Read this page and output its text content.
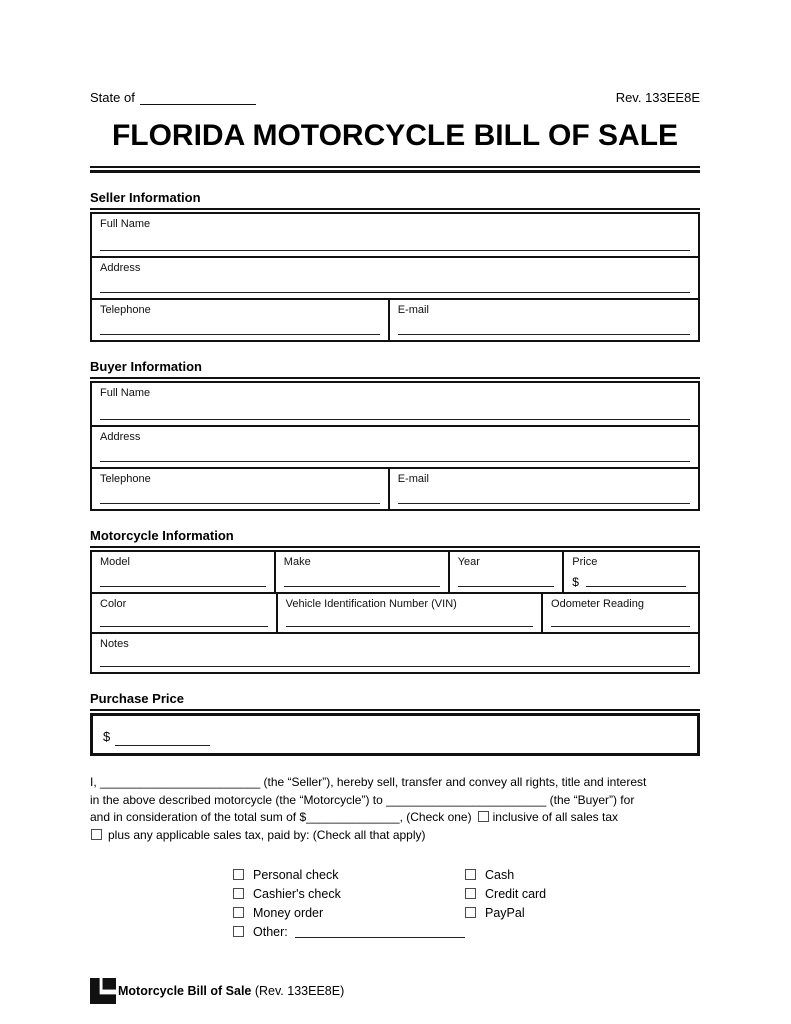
State of	Rev. 133EE8E
FLORIDA MOTORCYCLE BILL OF SALE
Seller Information
Full Name
Address
Telephone	E-mail
Buyer Information
Full Name
Address
Telephone	E-mail
Motorcycle Information
Model	Make	Year	Price
$
Color	Vehicle Identification Number (VIN)	Odometer Reading
Notes
Purchase Price
$
I, ________________________ (the “Seller”), hereby sell, transfer and convey all rights, title and interest
in the above described motorcycle (the “Motorcycle”) to ________________________ (the “Buyer”) for
and in consideration of the total sum of $______________, (Check one) inclusive of all sales tax
plus any applicable sales tax, paid by: (Check all that apply)
Personal check
Cashier's check
Money order
Other:
Cash
Credit card
PayPal
Motorcycle Bill of Sale (Rev. 133EE8E)
